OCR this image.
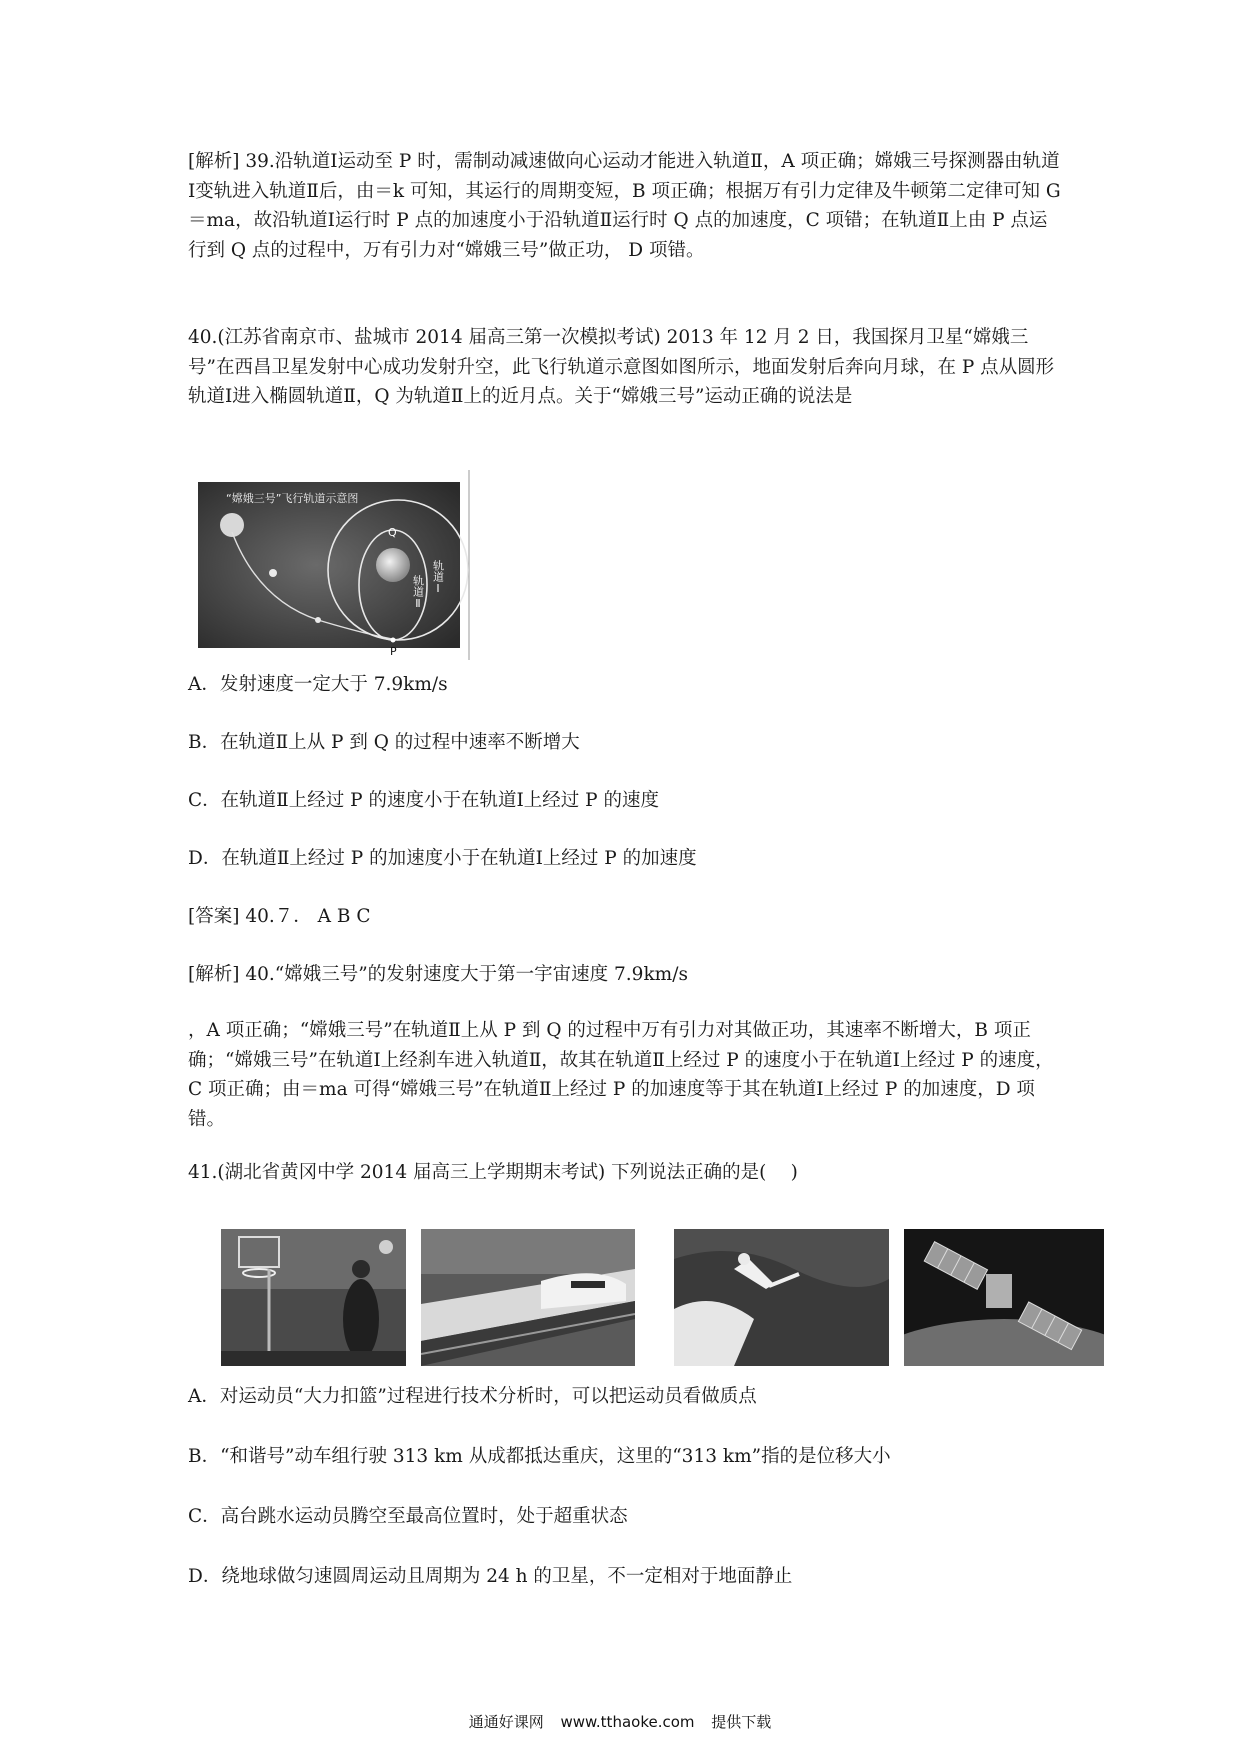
[解析] 39.沿轨道Ⅰ运动至 P 时，需制动减速做向心运动才能进入轨道Ⅱ，A 项正确；嫦娥三号探测器由轨道Ⅰ变轨进入轨道Ⅱ后，由＝k 可知，其运行的周期变短，B 项正确；根据万有引力定律及牛顿第二定律可知 G＝ma，故沿轨道Ⅰ运行时 P 点的加速度小于沿轨道Ⅱ运行时 Q 点的加速度，C 项错；在轨道Ⅱ上由 P 点运行到 Q 点的过程中，万有引力对“嫦娥三号”做正功， D 项错。

40.(江苏省南京市、盐城市 2014 届高三第一次模拟考试) 2013 年 12 月 2 日，我国探月卫星“嫦娥三号”在西昌卫星发射中心成功发射升空，此飞行轨道示意图如图所示，地面发射后奔向月球，在 P 点从圆形轨道Ⅰ进入椭圆轨道Ⅱ，Q 为轨道Ⅱ上的近月点。关于“嫦娥三号”运动正确的说法是

“嫦娥三号”飞行轨道示意图
Q
P
轨道Ⅰ
轨道Ⅱ

A．发射速度一定大于 7.9km/s

B．在轨道Ⅱ上从 P 到 Q 的过程中速率不断增大

C．在轨道Ⅱ上经过 P 的速度小于在轨道Ⅰ上经过 P 的速度

D．在轨道Ⅱ上经过 P 的加速度小于在轨道Ⅰ上经过 P 的加速度

[答案] 40.７． A B C

[解析] 40.“嫦娥三号”的发射速度大于第一宇宙速度 7.9km/s

，A 项正确；“嫦娥三号”在轨道Ⅱ上从 P 到 Q 的过程中万有引力对其做正功，其速率不断增大，B 项正确；“嫦娥三号”在轨道Ⅰ上经刹车进入轨道Ⅱ，故其在轨道Ⅱ上经过 P 的速度小于在轨道Ⅰ上经过 P 的速度，C 项正确；由＝ma 可得“嫦娥三号”在轨道Ⅱ上经过 P 的加速度等于其在轨道Ⅰ上经过 P 的加速度，D 项错。

41.(湖北省黄冈中学 2014 届高三上学期期末考试) 下列说法正确的是(　 )

A．对运动员“大力扣篮”过程进行技术分析时，可以把运动员看做质点

B．“和谐号”动车组行驶 313 km 从成都抵达重庆，这里的“313 km”指的是位移大小

C．高台跳水运动员腾空至最高位置时，处于超重状态

D．绕地球做匀速圆周运动且周期为 24 h 的卫星，不一定相对于地面静止

通通好课网 www.tthaoke.com 提供下载
